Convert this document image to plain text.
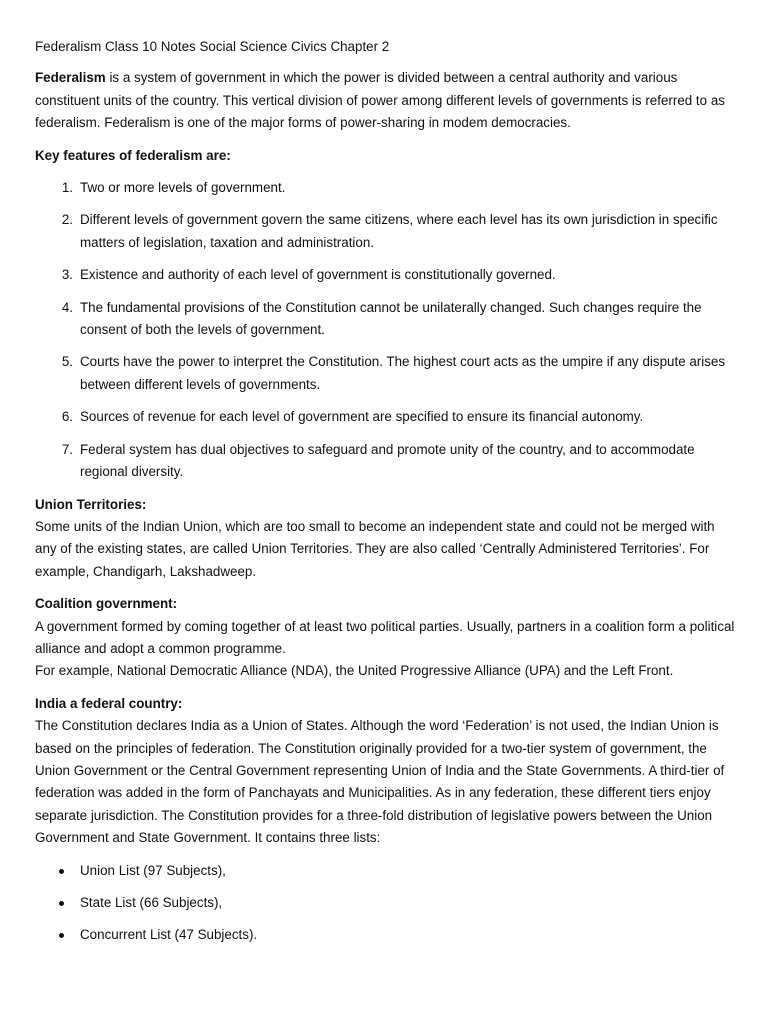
Federalism Class 10 Notes Social Science Civics Chapter 2

Federalism is a system of government in which the power is divided between a central authority and various constituent units of the country. This vertical division of power among different levels of governments is referred to as federalism. Federalism is one of the major forms of power-sharing in modem democracies.

Key features of federalism are:

1. Two or more levels of government.
2. Different levels of government govern the same citizens, where each level has its own jurisdiction in specific matters of legislation, taxation and administration.
3. Existence and authority of each level of government is constitutionally governed.
4. The fundamental provisions of the Constitution cannot be unilaterally changed. Such changes require the consent of both the levels of government.
5. Courts have the power to interpret the Constitution. The highest court acts as the umpire if any dispute arises between different levels of governments.
6. Sources of revenue for each level of government are specified to ensure its financial autonomy.
7. Federal system has dual objectives to safeguard and promote unity of the country, and to accommodate regional diversity.

Union Territories:

Some units of the Indian Union, which are too small to become an independent state and could not be merged with any of the existing states, are called Union Territories. They are also called ‘Centrally Administered Territories’. For example, Chandigarh, Lakshadweep.

Coalition government:

A government formed by coming together of at least two political parties. Usually, partners in a coalition form a political alliance and adopt a common programme.

For example, National Democratic Alliance (NDA), the United Progressive Alliance (UPA) and the Left Front.

India a federal country:

The Constitution declares India as a Union of States. Although the word ‘Federation’ is not used, the Indian Union is based on the principles of federation. The Constitution originally provided for a two-tier system of government, the Union Government or the Central Government representing Union of India and the State Governments. A third-tier of federation was added in the form of Panchayats and Municipalities. As in any federation, these different tiers enjoy separate jurisdiction. The Constitution provides for a three-fold distribution of legislative powers between the Union Government and State Government. It contains three lists:

Union List (97 Subjects),
State List (66 Subjects),
Concurrent List (47 Subjects).
